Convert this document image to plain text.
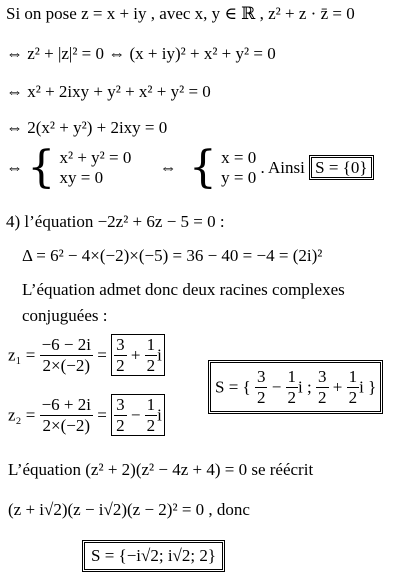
Si on pose z = x + iy , avec x, y ∈ ℝ , z² + z · z̄ = 0
⇔ z² + |z|² = 0 ⇔ (x + iy)² + x² + y² = 0
⇔ x² + 2ixy + y² + x² + y² = 0
⇔ 2(x² + y²) + 2ixy = 0
⇔ { x² + y² = 0
xy = 0
⇔ { x = 0
y = 0
. Ainsi S = {0}
4) l’équation −2z² + 6z − 5 = 0 :
Δ = 6² − 4×(−2)×(−5) = 36 − 40 = −4 = (2i)²
L’équation admet donc deux racines complexes
conjuguées :
$z_1 = \frac{-6 - 2i}{2\times(-2)} = \frac{3}{2} + \frac{1}{2}$ i
$z_2 = \frac{-6 + 2i}{2\times(-2)} = \frac{3}{2} - \frac{1}{2}$ i
S = { $\frac{3}{2} - \frac{1}{2}$ i ; $\frac{3}{2} + \frac{1}{2}$ i }
L’équation (z² + 2)(z² − 4z + 4) = 0 se réécrit
(z + i√2)(z − i√2)(z − 2)² = 0 , donc
S = {−i√2; i√2; 2}
